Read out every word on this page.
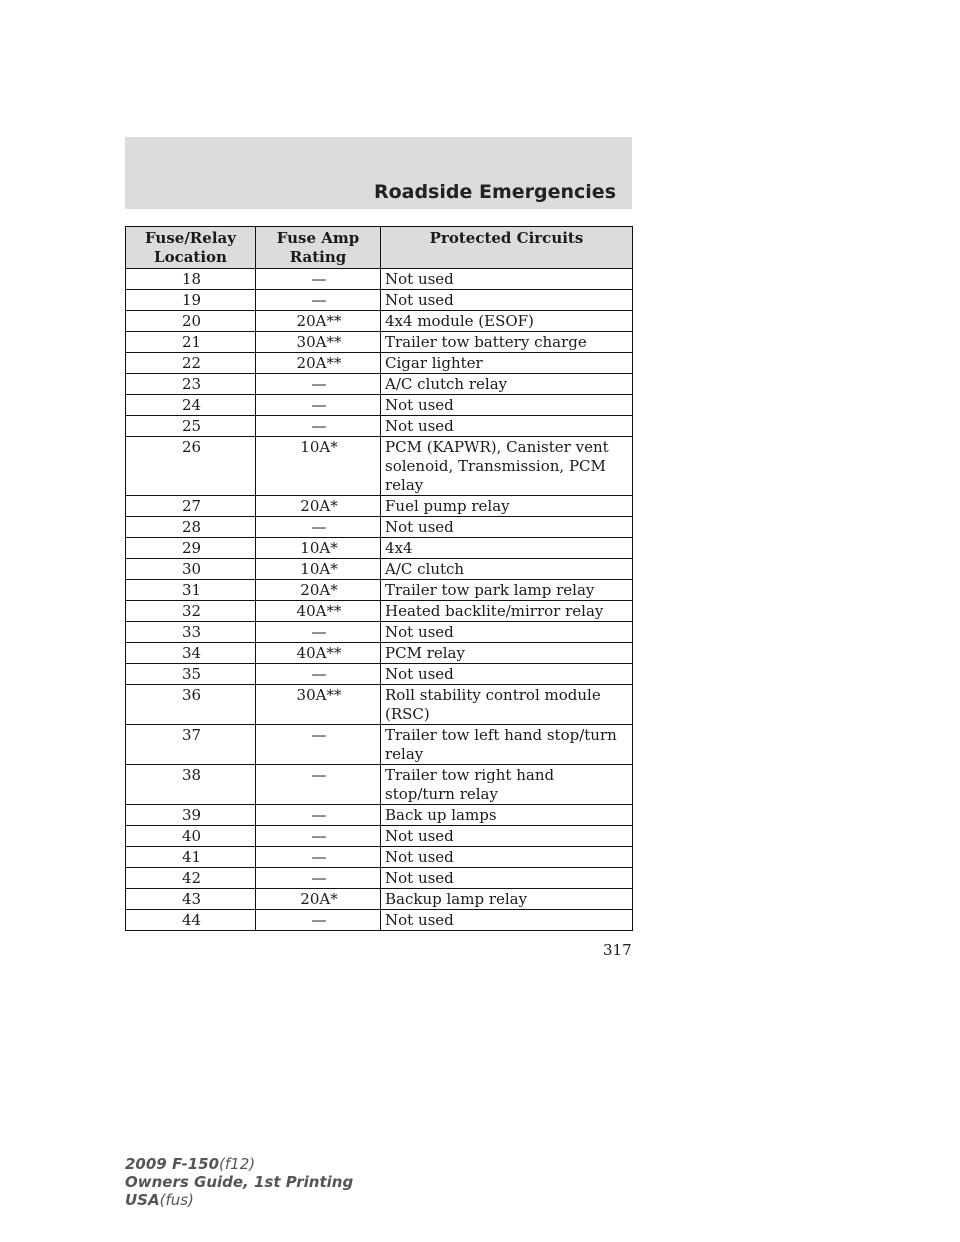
Roadside Emergencies
Fuse/Relay Location	Fuse Amp Rating	Protected Circuits
18	—	Not used
19	—	Not used
20	20A**	4x4 module (ESOF)
21	30A**	Trailer tow battery charge
22	20A**	Cigar lighter
23	—	A/C clutch relay
24	—	Not used
25	—	Not used
26	10A*	PCM (KAPWR), Canister vent solenoid, Transmission, PCM relay
27	20A*	Fuel pump relay
28	—	Not used
29	10A*	4x4
30	10A*	A/C clutch
31	20A*	Trailer tow park lamp relay
32	40A**	Heated backlite/mirror relay
33	—	Not used
34	40A**	PCM relay
35	—	Not used
36	30A**	Roll stability control module (RSC)
37	—	Trailer tow left hand stop/turn relay
38	—	Trailer tow right hand stop/turn relay
39	—	Back up lamps
40	—	Not used
41	—	Not used
42	—	Not used
43	20A*	Backup lamp relay
44	—	Not used
317
2009 F-150(f12)
Owners Guide, 1st Printing
USA(fus)
